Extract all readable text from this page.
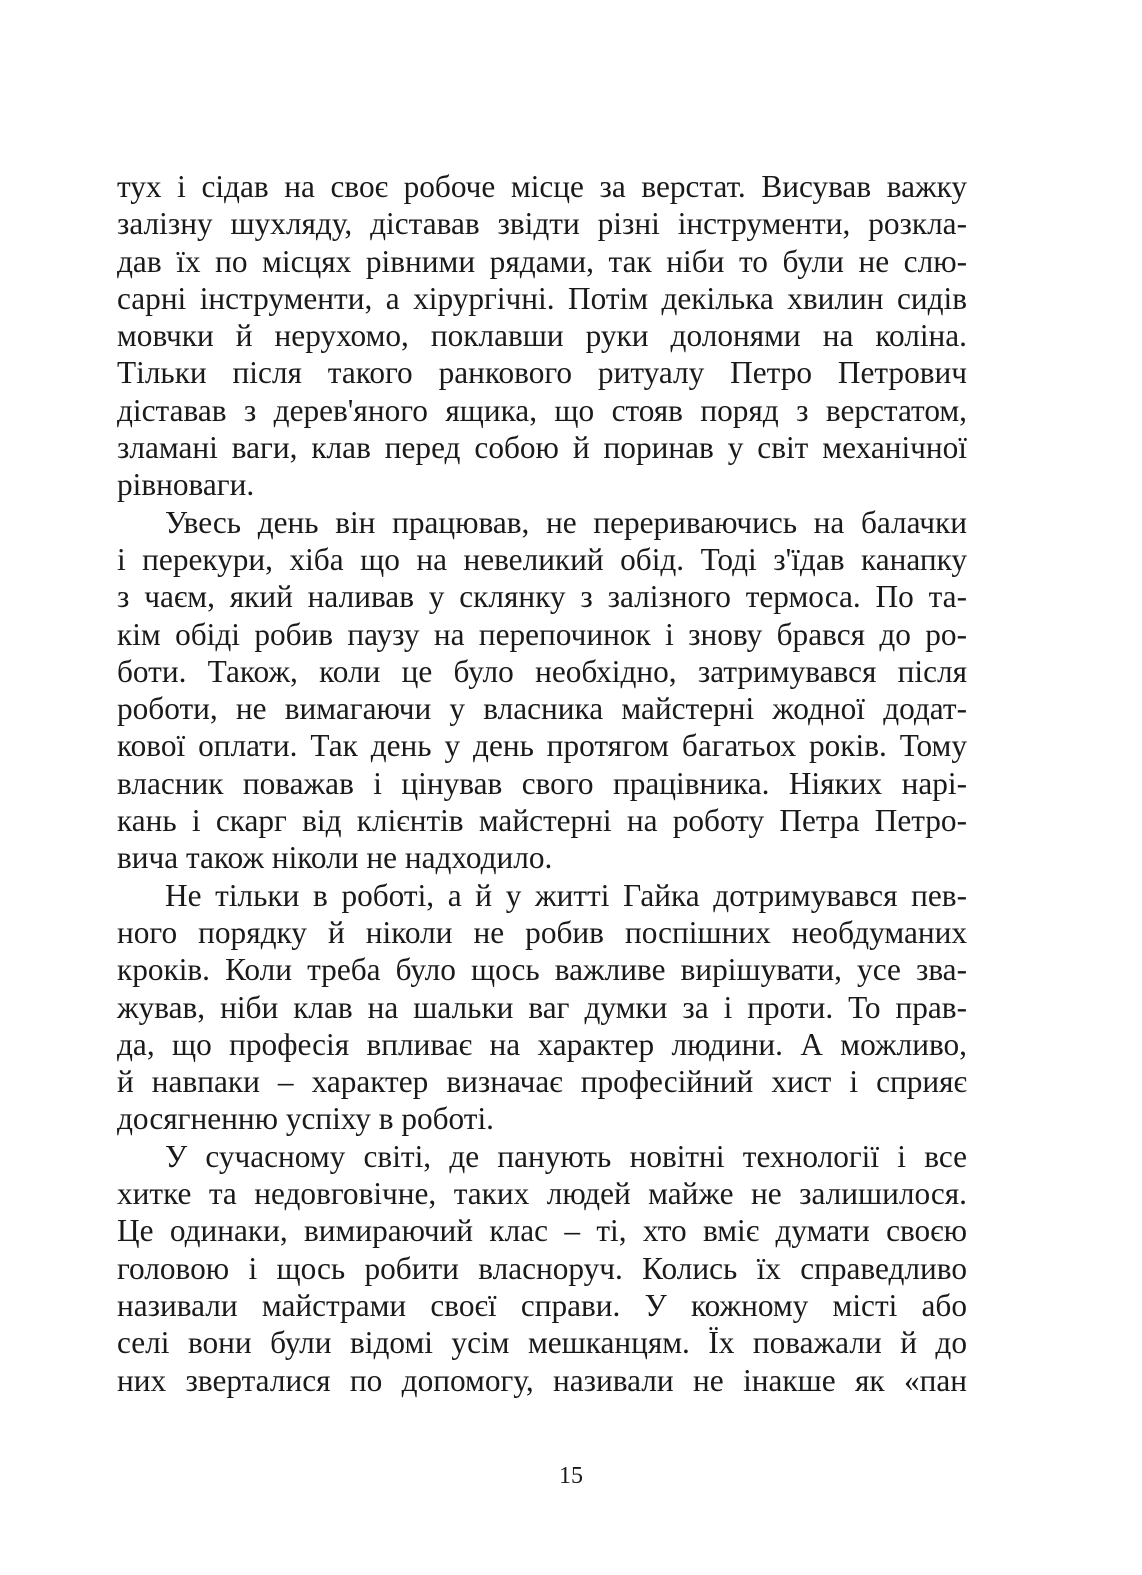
тух і сідав на своє робоче місце за верстат. Висував важку
залізну шухляду, діставав звідти різні інструменти, розкла-
дав їх по місцях рівними рядами, так ніби то були не слю-
сарні інструменти, а хірургічні. Потім декілька хвилин сидів
мовчки й нерухомо, поклавши руки долонями на коліна.
Тільки після такого ранкового ритуалу Петро Петрович
діставав з дерев'яного ящика, що стояв поряд з верстатом,
зламані ваги, клав перед собою й поринав у світ механічної
рівноваги.
Увесь день він працював, не перериваючись на балачки
і перекури, хіба що на невеликий обід. Тоді з'їдав канапку
з чаєм, який наливав у склянку з залізного термоса. По та-
кім обіді робив паузу на перепочинок і знову брався до ро-
боти. Також, коли це було необхідно, затримувався після
роботи, не вимагаючи у власника майстерні жодної додат-
кової оплати. Так день у день протягом багатьох років. Тому
власник поважав і цінував свого працівника. Ніяких нарі-
кань і скарг від клієнтів майстерні на роботу Петра Петро-
вича також ніколи не надходило.
Не тільки в роботі, а й у житті Гайка дотримувався пев-
ного порядку й ніколи не робив поспішних необдуманих
кроків. Коли треба було щось важливе вирішувати, усе зва-
жував, ніби клав на шальки ваг думки за і проти. То прав-
да, що професія впливає на характер людини. А можливо,
й навпаки – характер визначає професійний хист і сприяє
досягненню успіху в роботі.
У сучасному світі, де панують новітні технології і все
хитке та недовговічне, таких людей майже не залишилося.
Це одинаки, вимираючий клас – ті, хто вміє думати своєю
головою і щось робити власноруч. Колись їх справедливо
називали майстрами своєї справи. У кожному місті або
селі вони були відомі усім мешканцям. Їх поважали й до
них зверталися по допомогу, називали не інакше як «пан
15
